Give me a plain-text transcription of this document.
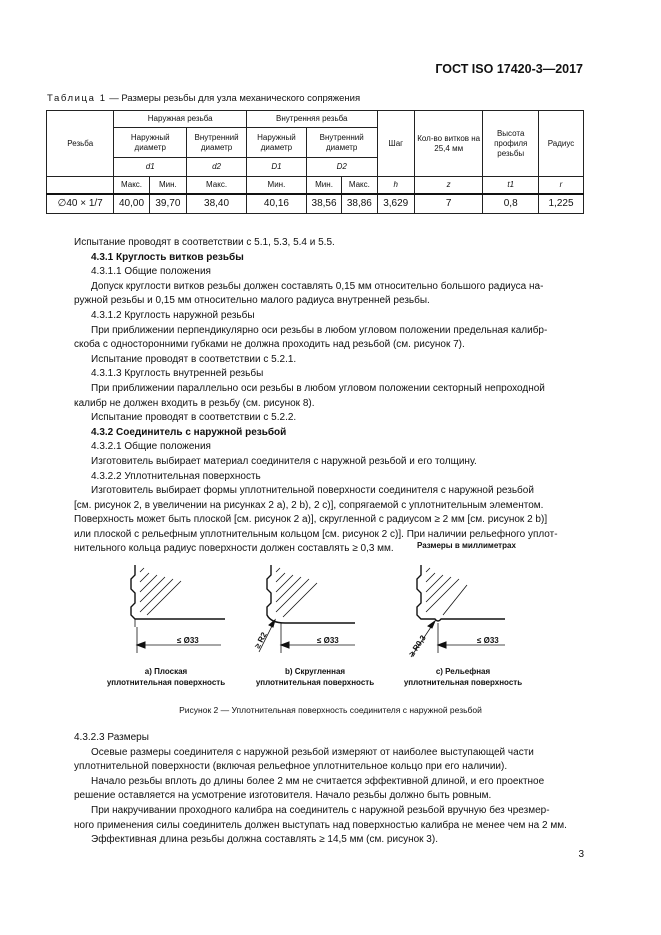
ГОСТ ISO 17420-3—2017
Таблица 1 — Размеры резьбы для узла механического сопряжения
Резьба	Наружная резьба			Внутренняя резьба			Шаг	Кол-во витков на 25,4 мм	Высота профиля резьбы	Радиус
	Наружный диаметр		Внутренний диаметр	Наружный диаметр	Внутренний диаметр					
	d1		d2	D1	D2					
	Макс.	Мин.	Макс.	Мин.	Мин.	Макс.	h	z	t1	r
∅40 × 1/7	40,00	39,70	38,40	40,16	38,56	38,86	3,629	7	0,8	1,225

Испытание проводят в соответствии с 5.1, 5.3, 5.4 и 5.5.

4.3.1 Круглость витков резьбы

4.3.1.1 Общие положения

Допуск круглости витков резьбы должен составлять 0,15 мм относительно большого радиуса на-

ружной резьбы и 0,15 мм относительно малого радиуса внутренней резьбы.

4.3.1.2 Круглость наружной резьбы

При приближении перпендикулярно оси резьбы в любом угловом положении предельная калибр-

скоба с односторонними губками не должна проходить над резьбой (см. рисунок 7).

Испытание проводят в соответствии с 5.2.1.

4.3.1.3 Круглость внутренней резьбы

При приближении параллельно оси резьбы в любом угловом положении секторный непроходной

калибр не должен входить в резьбу (см. рисунок 8).

Испытание проводят в соответствии с 5.2.2.

4.3.2 Соединитель с наружной резьбой

4.3.2.1 Общие положения

Изготовитель выбирает материал соединителя с наружной резьбой и его толщину.

4.3.2.2 Уплотнительная поверхность

Изготовитель выбирает формы уплотнительной поверхности соединителя с наружной резьбой

[см. рисунок 2, в увеличении на рисунках 2 a), 2 b), 2 c)], сопрягаемой с уплотнительным элементом.

Поверхность может быть плоской [см. рисунок 2 a)], скругленной с радиусом ≥ 2 мм [см. рисунок 2 b)]

или плоской с рельефным уплотнительным кольцом [см. рисунок 2 c)]. При наличии рельефного уплот-

нительного кольца радиус поверхности должен составлять ≥ 0,3 мм.	Размеры в миллиметрах
≤ Ø33	≤ Ø33	≤ Ø33
≥ R2	≥ R0,3
а) Плоская
уплотнительная поверхность
b) Скругленная
уплотнительная поверхность
c) Рельефная
уплотнительная поверхность
Рисунок 2 — Уплотнительная поверхность соединителя с наружной резьбой

4.3.2.3 Размеры

Осевые размеры соединителя с наружной резьбой измеряют от наиболее выступающей части

уплотнительной поверхности (включая рельефное уплотнительное кольцо при его наличии).

Начало резьбы вплоть до длины более 2 мм не считается эффективной длиной, и его проектное

решение оставляется на усмотрение изготовителя. Начало резьбы должно быть ровным.

При накручивании проходного калибра на соединитель с наружной резьбой вручную без чрезмер-

ного применения силы соединитель должен выступать над поверхностью калибра не менее чем на 2 мм.

Эффективная длина резьбы должна составлять ≥ 14,5 мм (см. рисунок 3).

3
